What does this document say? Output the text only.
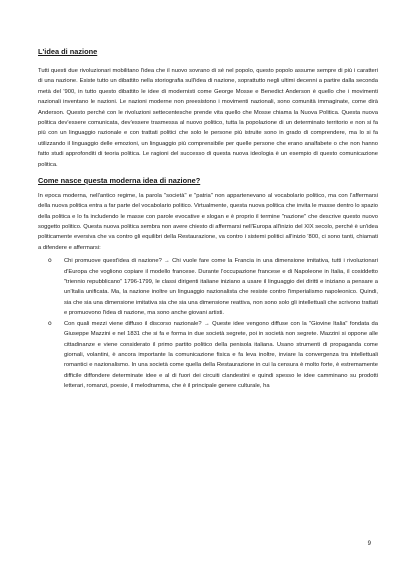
L'idea di nazione

Tutti questi due rivoluzionari mobilitano l'idea che il nuovo sovrano di sé nel popolo, questo popolo assume sempre di più i caratteri di una nazione. Esiste tutto un dibattito nella storiografia sull'idea di nazione, soprattutto negli ultimi decenni a partire dalla seconda metà del '900, in tutto questo dibattito le idee di modernisti come George Mosse e Benedict Anderson è quello che i movimenti nazionali inventano le nazioni. Le nazioni moderne non preesistono i movimenti nazionali, sono comunità immaginate, come dirà Anderson. Questo perché con le rivoluzioni settecentesche prende vita quello che Mosse chiama la Nuova Politica. Questa nuova politica dev'essere comunicata, dev'essere trasmessa al nuovo politico, tutta la popolazione di un determinato territorio e non si fa più con un linguaggio razionale e con trattati politici che solo le persone più istruite sono in grado di comprendere, ma lo si fa utilizzando il linguaggio delle emozioni, un linguaggio più comprensibile per quelle persone che erano analfabete o che non hanno fatto studi approfonditi di teoria politica. Le ragioni del successo di questa nuova ideologia è un esempio di questo comunicazione politica.

Come nasce questa moderna idea di nazione?

In epoca moderna, nell'antico regime, la parola "società" e "patria" non appartenevano al vocabolario politico, ma con l'affermarsi della nuova politica entra a far parte del vocabolario politico. Virtualmente, questa nuova politica che invita le masse dentro lo spazio della politica e lo fa includendo le masse con parole evocative e slogan e è proprio il termine "nazione" che descrive questo nuovo soggetto politico. Questa nuova politica sembra non avere chiesto di affermarsi nell'Europa all'inizio del XIX secolo, perché è un'idea politicamente eversiva che va contro gli equilibri della Restaurazione, va contro i sistemi politici all'inizio '800, ci sono tanti, chiamati a difendere e affermarsi:

o Chi promuove quest'idea di nazione? → Chi vuole fare come la Francia in una dimensione imitativa, tutti i rivoluzionari d'Europa che vogliono copiare il modello francese. Durante l'occupazione francese e di Napoleone in Italia, il cosiddetto "triennio repubblicano" 1796-1799, le classi dirigenti italiane iniziano a usare il linguaggio dei diritti e iniziano a pensare a un'Italia unificata. Ma, la nazione inoltre un linguaggio nazionalista che resiste contro l'imperialismo napoleonico. Quindi, sia che sia una dimensione imitativa sia che sia una dimensione reattiva, non sono solo gli intellettuali che scrivono trattati e promuovono l'idea di nazione, ma sono anche giovani artisti.
o Con quali mezzi viene diffuso il discorso nazionale? → Queste idee vengono diffuse con la "Giovine Italia" fondata da Giuseppe Mazzini e nel 1831 che si fa e forma in due società segrete, poi in società non segrete. Mazzini si oppone alle cittadinanze e viene considerato il primo partito politico della penisola italiana. Usano strumenti di propaganda come giornali, volantini, è ancora importante la comunicazione fisica e fa leva inoltre, inviare la convergenza tra intellettuali romantici e nazionalismo. In una società come quella della Restaurazione in cui la censura è molto forte, è estremamente difficile diffondere determinate idee e al di fuori dei circuiti clandestini e quindi spesso le idee camminano su prodotti letterari, romanzi, poesie, il melodramma, che è il principale genere culturale, ha
9
